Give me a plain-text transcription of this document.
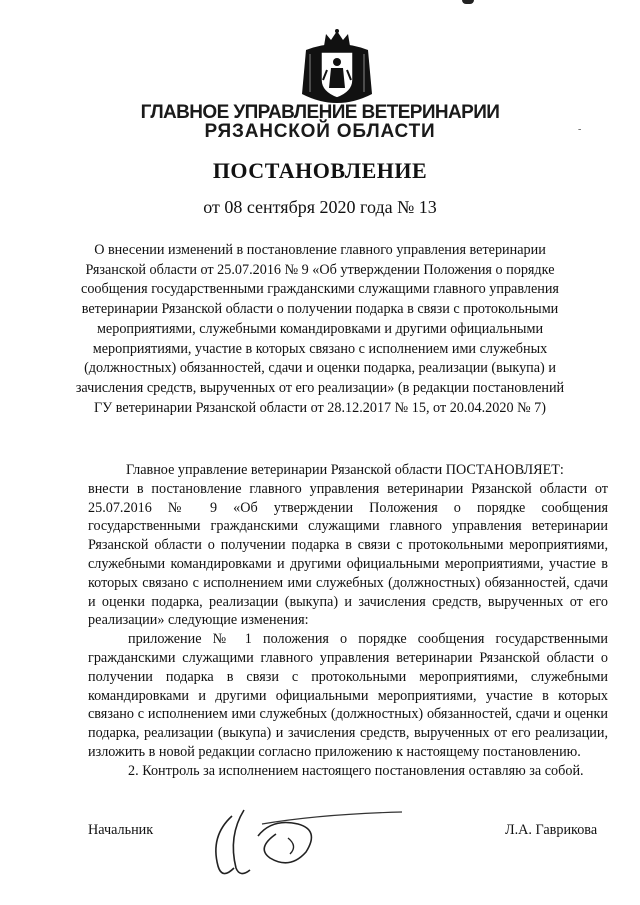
ГЛАВНОЕ УПРАВЛЕНИЕ ВЕТЕРИНАРИИ
РЯЗАНСКОЙ ОБЛАСТИ	-
ПОСТАНОВЛЕНИЕ
от 08 сентября 2020 года № 13

О внесении изменений в постановление главного управления ветеринарии Рязанской области от 25.07.2016 № 9 «Об утверждении Положения о порядке сообщения государственными гражданскими служащими главного управления ветеринарии Рязанской области о получении подарка в связи с протокольными мероприятиями, служебными командировками и другими официальными мероприятиями, участие в которых связано с исполнением ими служебных (должностных) обязанностей, сдачи и оценки подарка, реализации (выкупа) и зачисления средств, вырученных от его реализации» (в редакции постановлений ГУ ветеринарии Рязанской области от 28.12.2017 № 15, от 20.04.2020 № 7)

Главное управление ветеринарии Рязанской области ПОСТАНОВЛЯЕТ:
внести в постановление главного управления ветеринарии Рязанской области от 25.07.2016 № 9 «Об утверждении Положения о порядке сообщения государственными гражданскими служащими главного управления ветеринарии Рязанской области о получении подарка в связи с протокольными мероприятиями, служебными командировками и другими официальными мероприятиями, участие в которых связано с исполнением ими служебных (должностных) обязанностей, сдачи и оценки подарка, реализации (выкупа) и зачисления средств, вырученных от его реализации» следующие изменения:

приложение № 1 положения о порядке сообщения государственными гражданскими служащими главного управления ветеринарии Рязанской области о получении подарка в связи с протокольными мероприятиями, служебными командировками и другими официальными мероприятиями, участие в которых связано с исполнением ими служебных (должностных) обязанностей, сдачи и оценки подарка, реализации (выкупа) и зачисления средств, вырученных от его реализации, изложить в новой редакции согласно приложению к настоящему постановлению.

2. Контроль за исполнением настоящего постановления оставляю за собой.

Начальник	Л.А. Гаврикова
